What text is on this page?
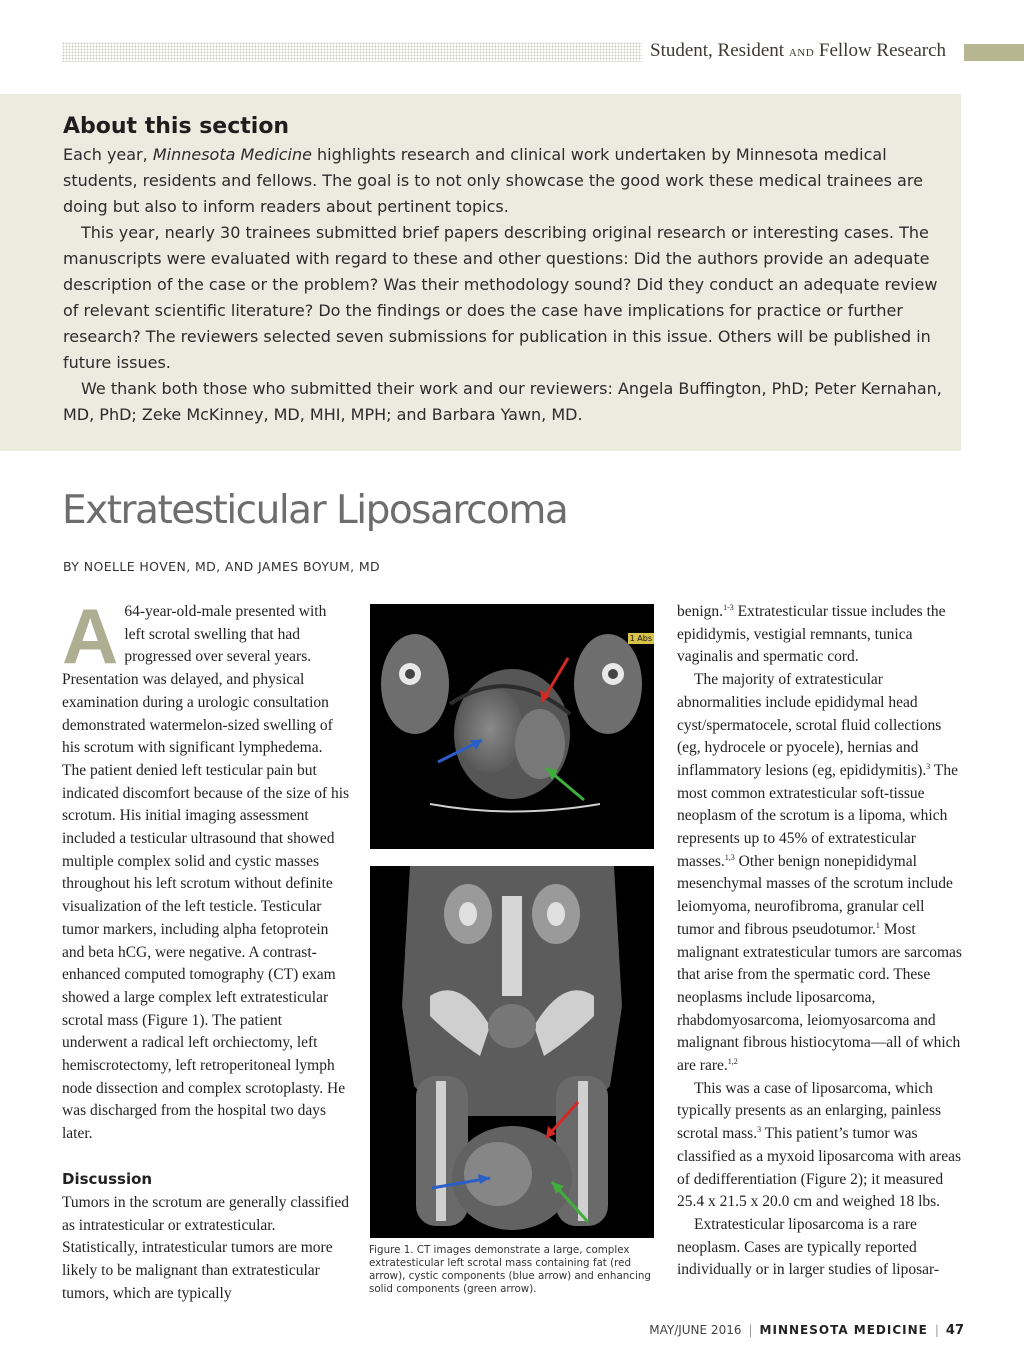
Student, Resident AND Fellow Research
About this section

Each year, Minnesota Medicine highlights research and clinical work undertaken by Minnesota medical students, residents and fellows. The goal is to not only showcase the good work these medical trainees are doing but also to inform readers about pertinent topics.

This year, nearly 30 trainees submitted brief papers describing original research or interesting cases. The manuscripts were evaluated with regard to these and other questions: Did the authors provide an adequate description of the case or the problem? Was their methodology sound? Did they conduct an adequate review of relevant scientific literature? Do the findings or does the case have implications for practice or further research? The reviewers selected seven submissions for publication in this issue. Others will be published in future issues.

We thank both those who submitted their work and our reviewers: Angela Buffington, PhD; Peter Kernahan, MD, PhD; Zeke McKinney, MD, MHI, MPH; and Barbara Yawn, MD.

Extratesticular Liposarcoma
BY NOELLE HOVEN, MD, AND JAMES BOYUM, MD

A 64-year-old-male presented with left scrotal swelling that had progressed over several years. Presentation was delayed, and physical examination during a urologic consultation demonstrated watermelon-sized swelling of his scrotum with significant lymphedema. The patient denied left testicular pain but indicated discomfort because of the size of his scrotum. His initial imaging assessment included a testicular ultrasound that showed multiple complex solid and cystic masses throughout his left scrotum without definite visualization of the left testicle. Testicular tumor markers, including alpha fetoprotein and beta hCG, were negative. A contrast-enhanced computed tomography (CT) exam showed a large complex left extratesticular scrotal mass (Figure 1). The patient underwent a radical left orchiectomy, left hemiscrotectomy, left retroperitoneal lymph node dissection and complex scrotoplasty. He was discharged from the hospital two days later.

Discussion

Tumors in the scrotum are generally classified as intratesticular or extratesticular. Statistically, intratesticular tumors are more likely to be malignant than extratesticular tumors, which are typically

1 Abs
Figure 1. CT images demonstrate a large, complex extratesticular left scrotal mass containing fat (red arrow), cystic components (blue arrow) and enhancing solid components (green arrow).

benign.$^{1-3}$ Extratesticular tissue includes the epididymis, vestigial remnants, tunica vaginalis and spermatic cord.

The majority of extratesticular abnormalities include epididymal head cyst/spermatocele, scrotal fluid collections (eg, hydrocele or pyocele), hernias and inflammatory lesions (eg, epididymitis).$^3$ The most common extratesticular soft-tissue neoplasm of the scrotum is a lipoma, which represents up to 45% of extratesticular masses.$^{1,3}$ Other benign nonepididymal mesenchymal masses of the scrotum include leiomyoma, neurofibroma, granular cell tumor and fibrous pseudotumor.$^1$ Most malignant extratesticular tumors are sarcomas that arise from the spermatic cord. These neoplasms include liposarcoma, rhabdomyosarcoma, leiomyosarcoma and malignant fibrous histiocytoma—all of which are rare.$^{1,2}$

This was a case of liposarcoma, which typically presents as an enlarging, painless scrotal mass.$^3$ This patient’s tumor was classified as a myxoid liposarcoma with areas of dedifferentiation (Figure 2); it measured 25.4 x 21.5 x 20.0 cm and weighed 18 lbs.

Extratesticular liposarcoma is a rare neoplasm. Cases are typically reported individually or in larger studies of liposar-

MAY/JUNE 2016 | MINNESOTA MEDICINE | 47
